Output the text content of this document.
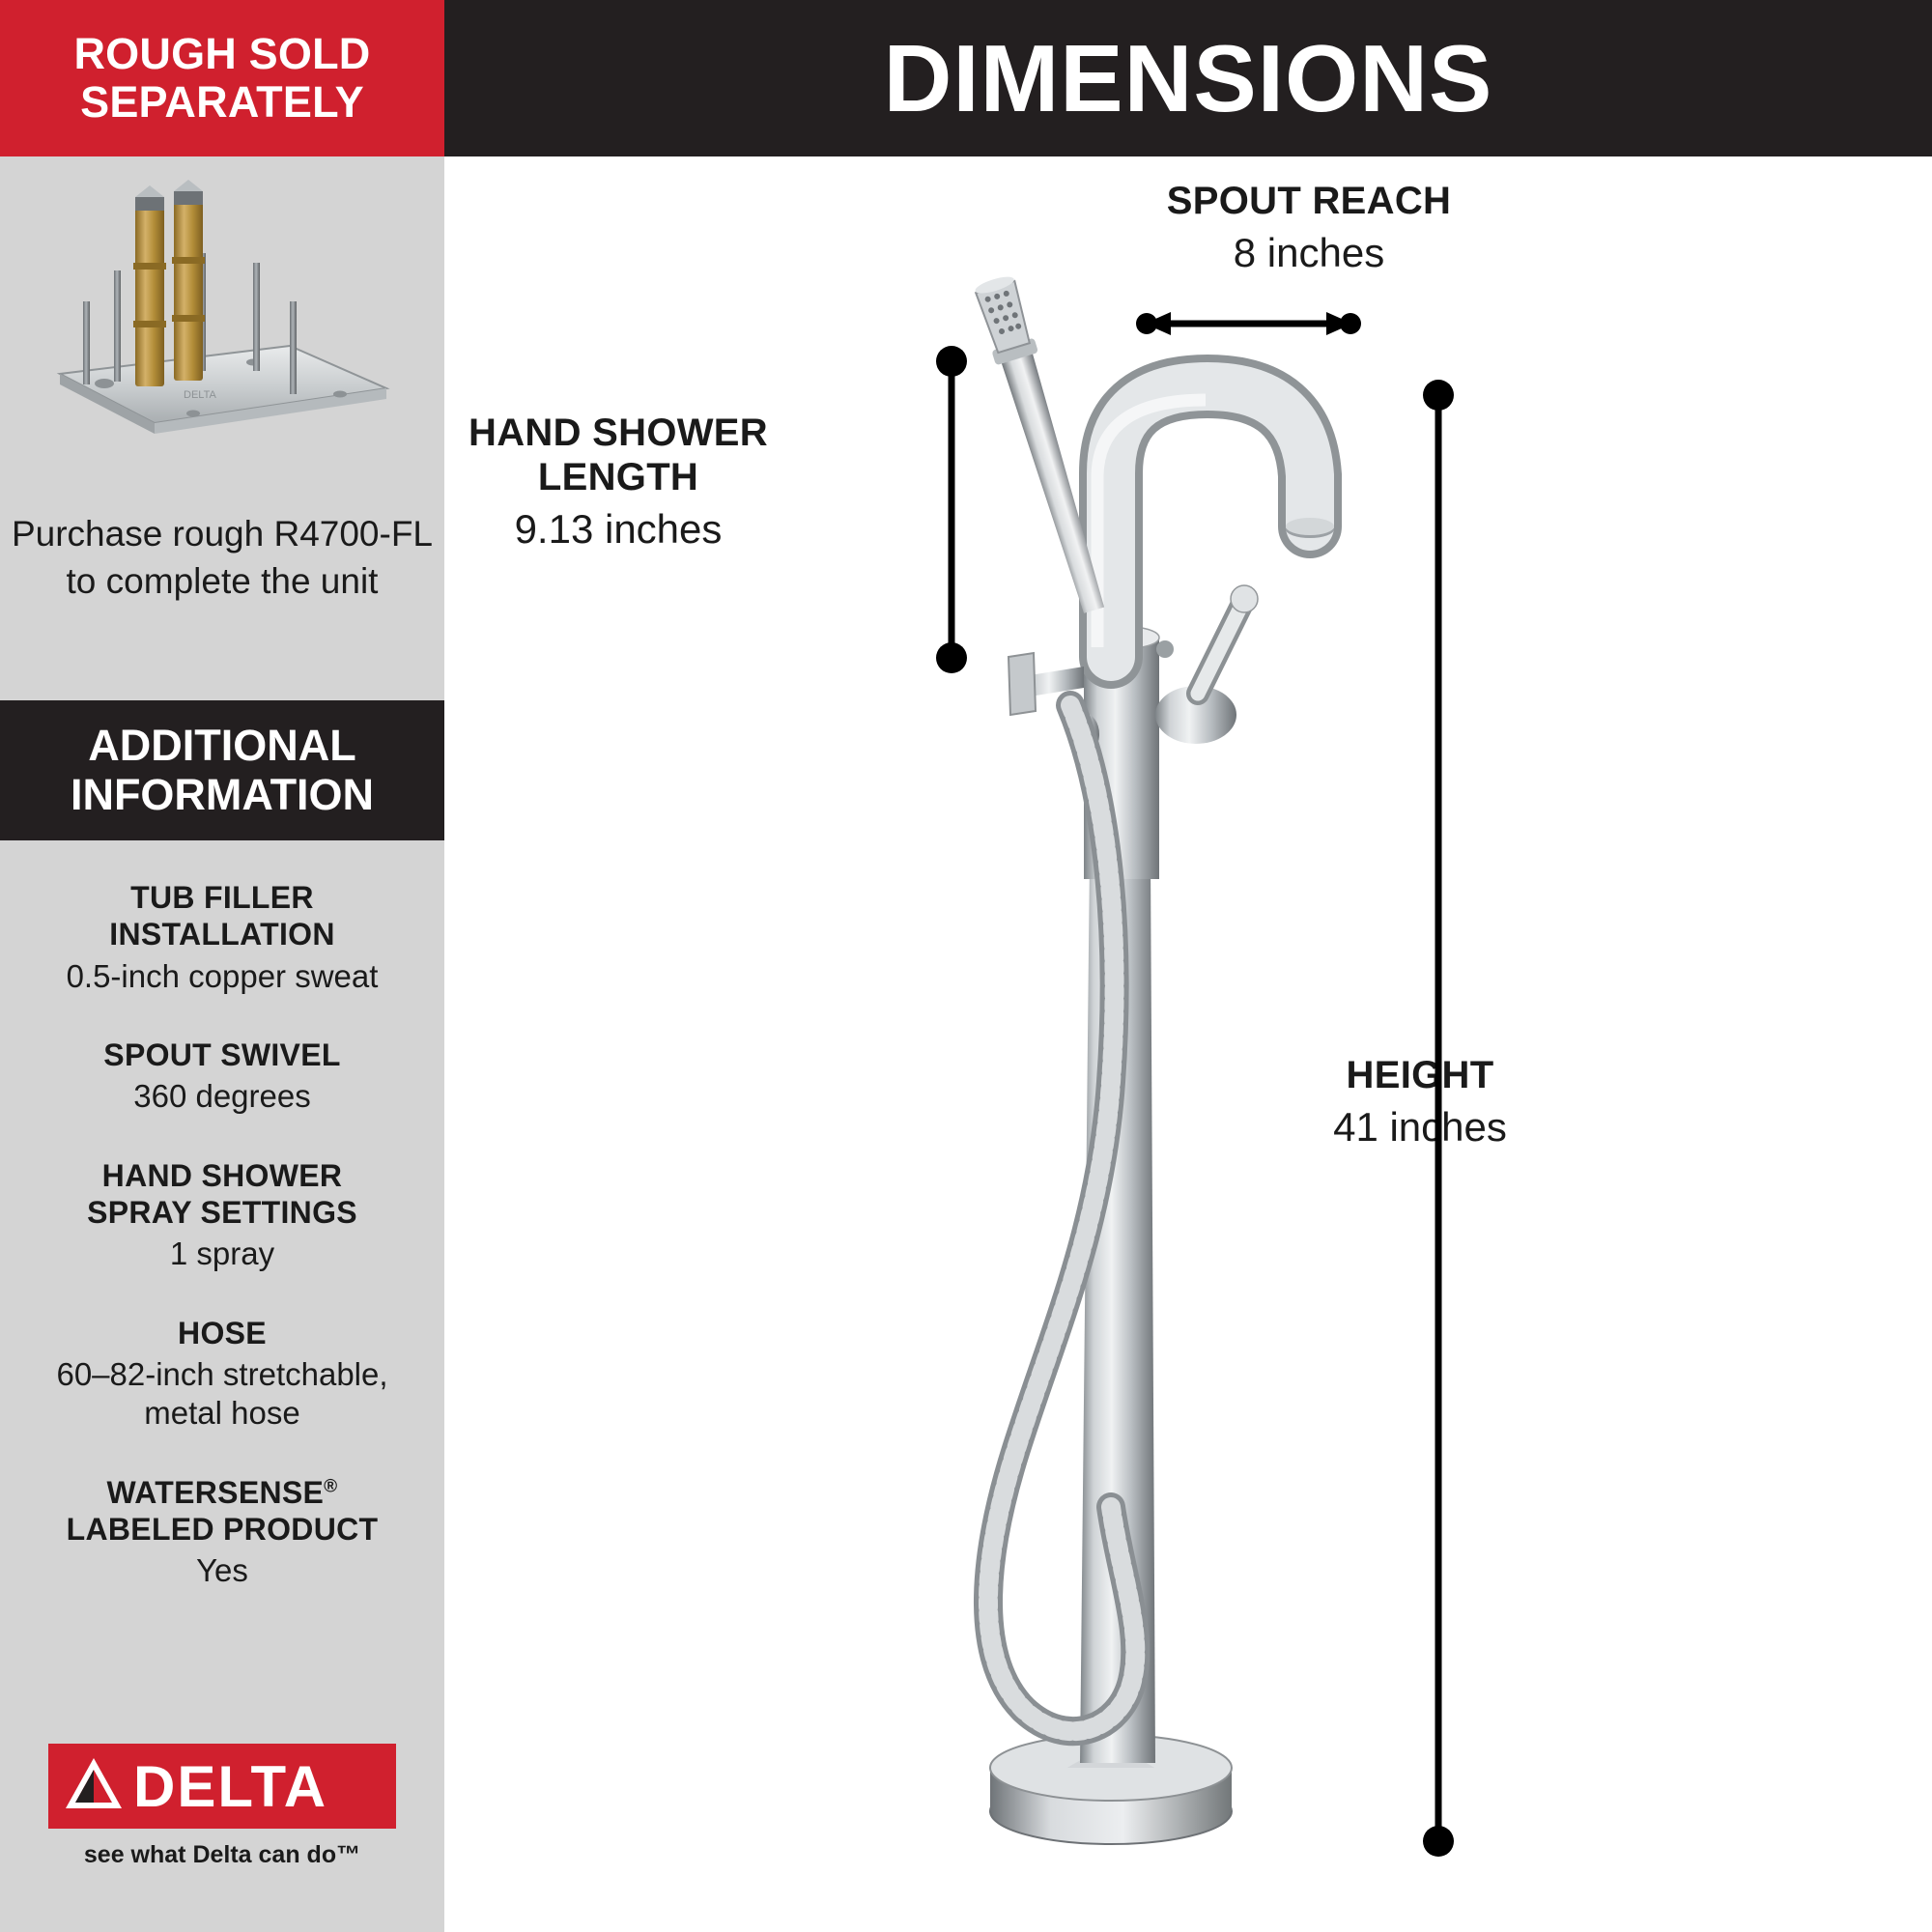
ROUGH SOLD
SEPARATELY
DELTA
Purchase rough R4700-FL to complete the unit
ADDITIONAL
INFORMATION
TUB FILLER
INSTALLATION
0.5-inch copper sweat
SPOUT SWIVEL
360 degrees
HAND SHOWER
SPRAY SETTINGS
1 spray
HOSE
60–82-inch stretchable, metal hose
WATERSENSE®
LABELED PRODUCT
Yes
DELTA
see what Delta can do™
DIMENSIONS
SPOUT REACH
8 inches
HAND SHOWER
LENGTH
9.13 inches
HEIGHT
41 inches
